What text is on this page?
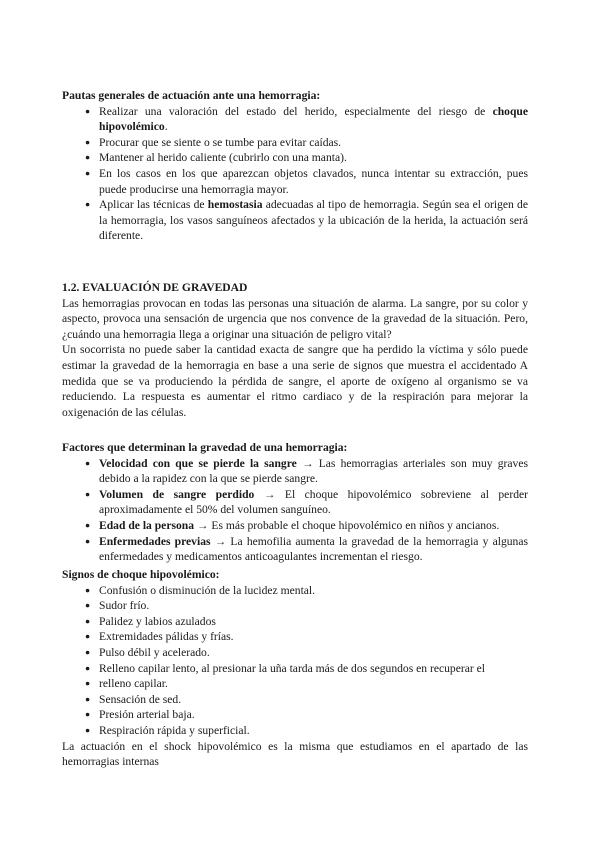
Pautas generales de actuación ante una hemorragia:

● Realizar una valoración del estado del herido, especialmente del riesgo de choque hipovolémico.
● Procurar que se siente o se tumbe para evitar caídas.
● Mantener al herido caliente (cubrirlo con una manta).
● En los casos en los que aparezcan objetos clavados, nunca intentar su extracción, pues puede producirse una hemorragia mayor.
● Aplicar las técnicas de hemostasia adecuadas al tipo de hemorragia. Según sea el origen de la hemorragia, los vasos sanguíneos afectados y la ubicación de la herida, la actuación será diferente.

1.2. EVALUACIÓN DE GRAVEDAD

Las hemorragias provocan en todas las personas una situación de alarma. La sangre, por su color y aspecto, provoca una sensación de urgencia que nos convence de la gravedad de la situación. Pero, ¿cuándo una hemorragia llega a originar una situación de peligro vital?

Un socorrista no puede saber la cantidad exacta de sangre que ha perdido la víctima y sólo puede estimar la gravedad de la hemorragia en base a una serie de signos que muestra el accidentado A medida que se va produciendo la pérdida de sangre, el aporte de oxígeno al organismo se va reduciendo. La respuesta es aumentar el ritmo cardiaco y de la respiración para mejorar la oxigenación de las células.

Factores que determinan la gravedad de una hemorragia:

● Velocidad con que se pierde la sangre → Las hemorragias arteriales son muy graves debido a la rapidez con la que se pierde sangre.
● Volumen de sangre perdido → El choque hipovolémico sobreviene al perder aproximadamente el 50% del volumen sanguíneo.
● Edad de la persona → Es más probable el choque hipovolémico en niños y ancianos.
● Enfermedades previas → La hemofilia aumenta la gravedad de la hemorragia y algunas enfermedades y medicamentos anticoagulantes incrementan el riesgo.

Signos de choque hipovolémico:

● Confusión o disminución de la lucidez mental.
● Sudor frío.
● Palidez y labios azulados
● Extremidades pálidas y frías.
● Pulso débil y acelerado.
● Relleno capilar lento, al presionar la uña tarda más de dos segundos en recuperar el
● relleno capilar.
● Sensación de sed.
● Presión arterial baja.
● Respiración rápida y superficial.

La actuación en el shock hipovolémico es la misma que estudiamos en el apartado de las hemorragias internas
